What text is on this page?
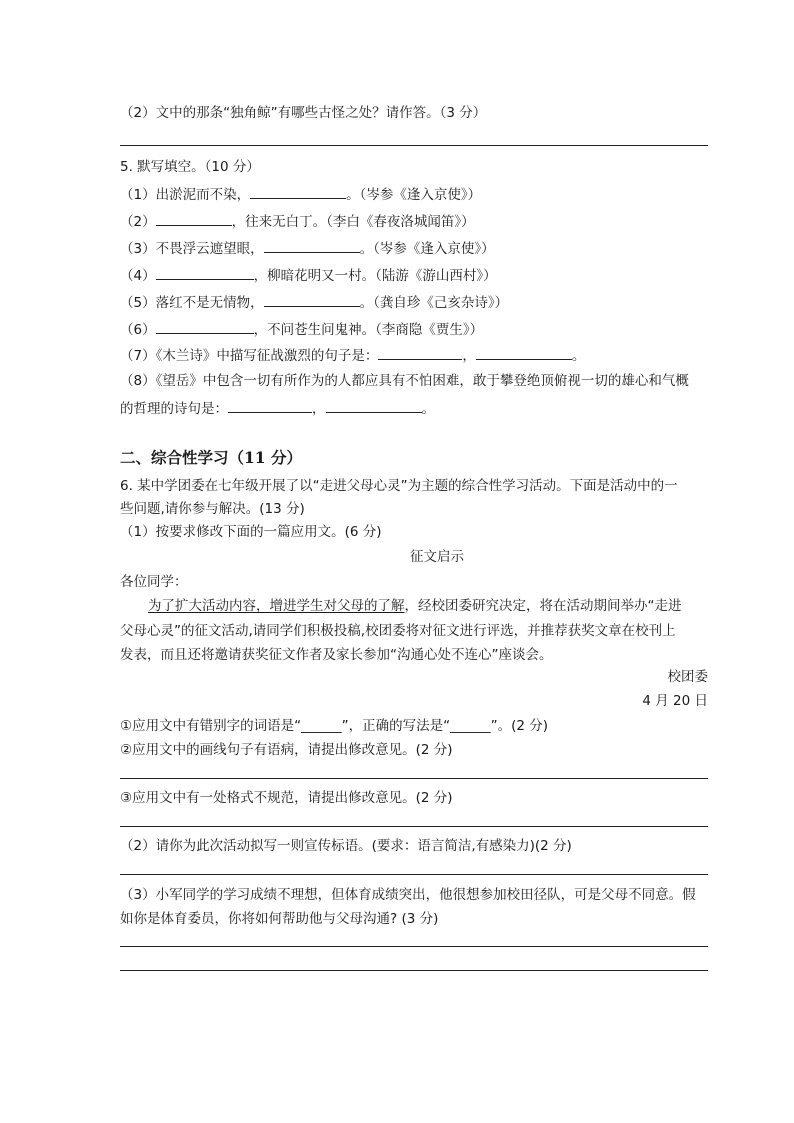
（2）文中的那条“独角鲸”有哪些古怪之处？请作答。（3 分）
5. 默写填空。（10 分）
（1）出淤泥而不染，	。（岑参《逢入京使》）
（2）	，往来无白丁。（李白《春夜洛城闻笛》）
（3）不畏浮云遮望眼，	。（岑参《逢入京使》）
（4）	，柳暗花明又一村。（陆游《游山西村》）
（5）落红不是无情物，	。（龚自珍《己亥杂诗》）
（6）	，不问苍生问鬼神。（李商隐《贾生》）
（7）《木兰诗》中描写征战激烈的句子是：	，	。
（8）《望岳》中包含一切有所作为的人都应具有不怕困难，敢于攀登绝顶俯视一切的雄心和气概
的哲理的诗句是：	，	。
二、综合性学习（11 分）
6. 某中学团委在七年级开展了以“走进父母心灵”为主题的综合性学习活动。下面是活动中的一
些问题,请你参与解决。(13 分)
（1）按要求修改下面的一篇应用文。(6 分)
征文启示
各位同学：
为了扩大活动内容，增进学生对父母的了解，经校团委研究决定，将在活动期间举办“走进
父母心灵”的征文活动,请同学们积极投稿,校团委将对征文进行评选，并推荐获奖文章在校刊上
发表，而且还将邀请获奖征文作者及家长参加“沟通心处不连心”座谈会。
校团委
4 月 20 日
①应用文中有错别字的词语是“______”，正确的写法是“______”。(2 分)
②应用文中的画线句子有语病，请提出修改意见。(2 分)
③应用文中有一处格式不规范，请提出修改意见。(2 分)
（2）请你为此次活动拟写一则宣传标语。(要求：语言简洁,有感染力)(2 分)
（3）小军同学的学习成绩不理想，但体育成绩突出，他很想参加校田径队，可是父母不同意。假
如你是体育委员，你将如何帮助他与父母沟通? (3 分)
